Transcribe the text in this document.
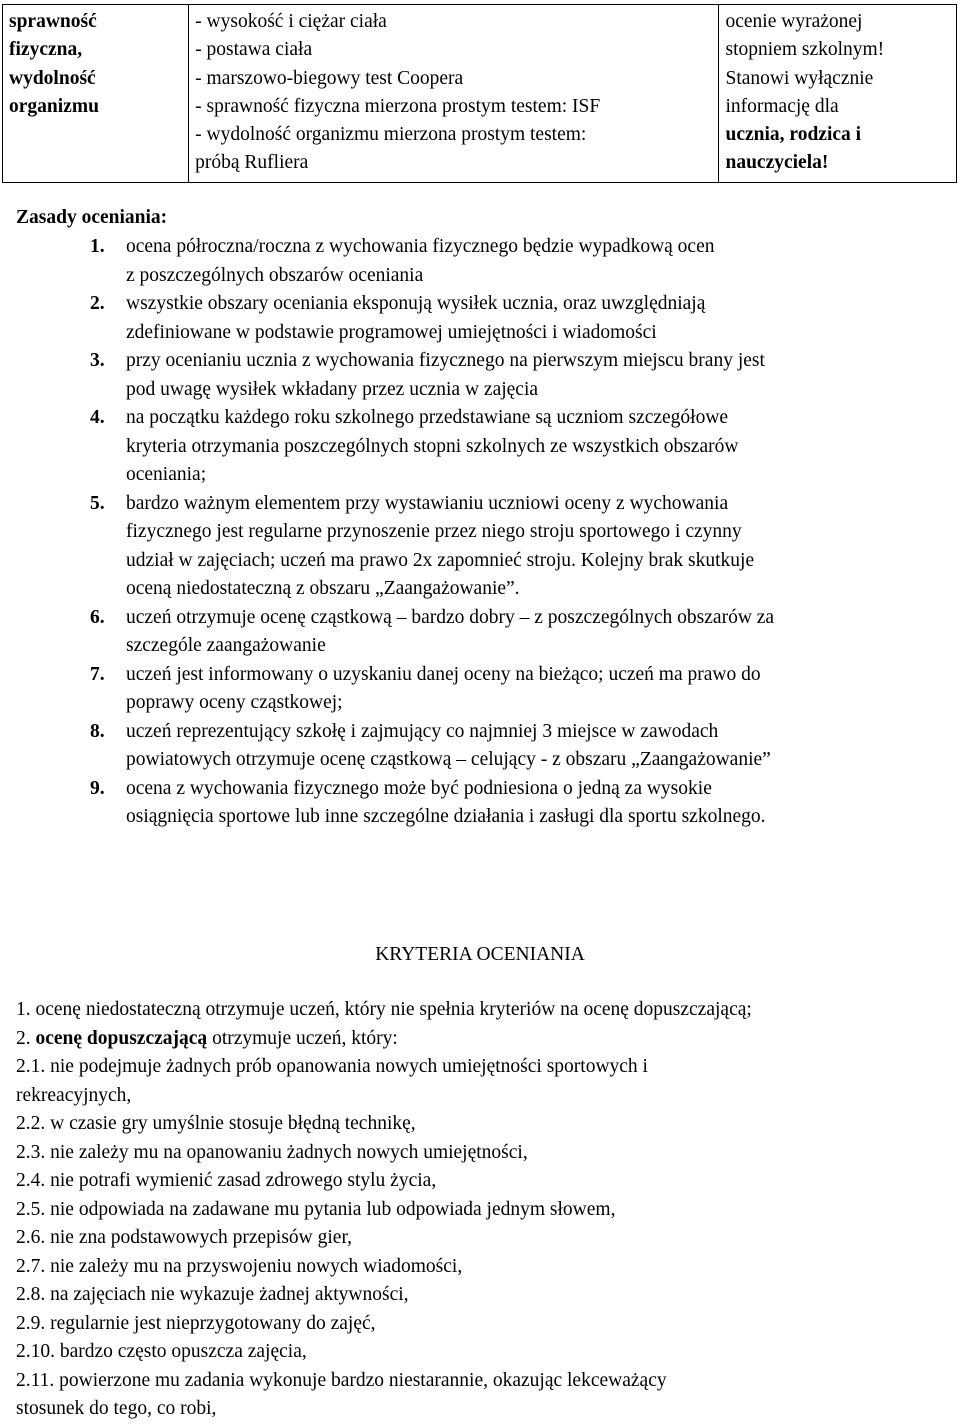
sprawność
fizyczna,
wydolność
organizmu

- wysokość i ciężar ciała
- postawa ciała
- marszowo-biegowy test Coopera
- sprawność fizyczna mierzona prostym testem: ISF
- wydolność organizmu mierzona prostym testem:
próbą Rufliera

ocenie wyrażonej
stopniem szkolnym!
Stanowi wyłącznie
informację dla
ucznia, rodzica i
nauczyciela!
Zasady oceniania:
1. ocena półroczna/roczna z wychowania fizycznego będzie wypadkową ocen
z poszczególnych obszarów oceniania
2. wszystkie obszary oceniania eksponują wysiłek ucznia, oraz uwzględniają
zdefiniowane w podstawie programowej umiejętności i wiadomości
3. przy ocenianiu ucznia z wychowania fizycznego na pierwszym miejscu brany jest
pod uwagę wysiłek wkładany przez ucznia w zajęcia
4. na początku każdego roku szkolnego przedstawiane są uczniom szczegółowe
kryteria otrzymania poszczególnych stopni szkolnych ze wszystkich obszarów
oceniania;
5. bardzo ważnym elementem przy wystawianiu uczniowi oceny z wychowania
fizycznego jest regularne przynoszenie przez niego stroju sportowego i czynny
udział w zajęciach; uczeń ma prawo 2x zapomnieć stroju. Kolejny brak skutkuje
oceną niedostateczną z obszaru „Zaangażowanie”.
6. uczeń otrzymuje ocenę cząstkową – bardzo dobry – z poszczególnych obszarów za
szczególe zaangażowanie
7. uczeń jest informowany o uzyskaniu danej oceny na bieżąco; uczeń ma prawo do
poprawy oceny cząstkowej;
8. uczeń reprezentujący szkołę i zajmujący co najmniej 3 miejsce w zawodach
powiatowych otrzymuje ocenę cząstkową – celujący - z obszaru „Zaangażowanie”
9. ocena z wychowania fizycznego może być podniesiona o jedną za wysokie
osiągnięcia sportowe lub inne szczególne działania i zasługi dla sportu szkolnego.
KRYTERIA OCENIANIA
1. ocenę niedostateczną otrzymuje uczeń, który nie spełnia kryteriów na ocenę dopuszczającą;
2. ocenę dopuszczającą otrzymuje uczeń, który:
2.1. nie podejmuje żadnych prób opanowania nowych umiejętności sportowych i
rekreacyjnych,
2.2. w czasie gry umyślnie stosuje błędną technikę,
2.3. nie zależy mu na opanowaniu żadnych nowych umiejętności,
2.4. nie potrafi wymienić zasad zdrowego stylu życia,
2.5. nie odpowiada na zadawane mu pytania lub odpowiada jednym słowem,
2.6. nie zna podstawowych przepisów gier,
2.7. nie zależy mu na przyswojeniu nowych wiadomości,
2.8. na zajęciach nie wykazuje żadnej aktywności,
2.9. regularnie jest nieprzygotowany do zajęć,
2.10. bardzo często opuszcza zajęcia,
2.11. powierzone mu zadania wykonuje bardzo niestarannie, okazując lekceważący
stosunek do tego, co robi,
